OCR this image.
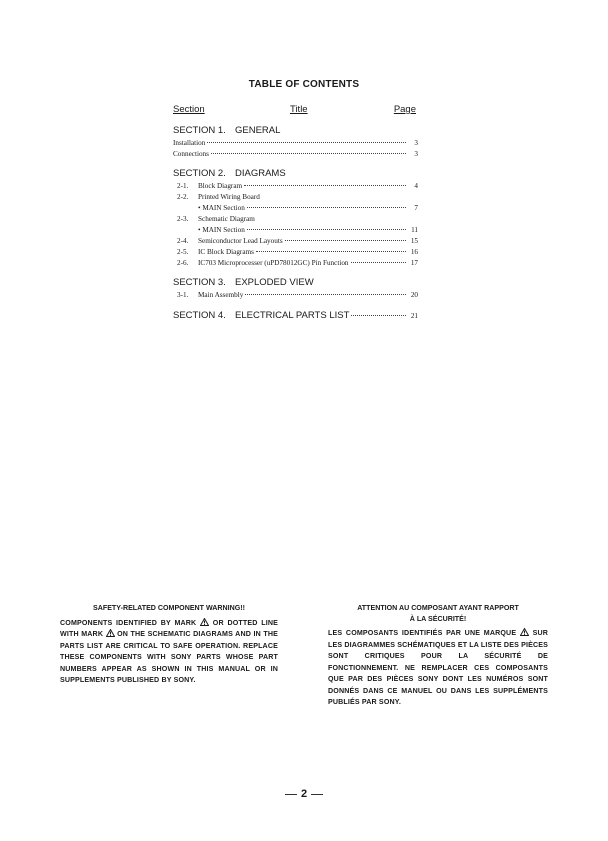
TABLE OF CONTENTS
Section	Title	Page
SECTION 1. GENERAL
Installation	3
Connections	3
SECTION 2. DIAGRAMS
2-1.	Block Diagram	4
2-2.	Printed Wiring Board
• MAIN Section	7
2-3.	Schematic Diagram
• MAIN Section	11
2-4.	Semiconductor Lead Layouts	15
2-5.	IC Block Diagrams	16
2-6.	IC703 Microprocesser (uPD78012GC) Pin Function	17
SECTION 3. EXPLODED VIEW
3-1.	Main Assembly	20
SECTION 4. ELECTRICAL PARTS LIST	21
SAFETY-RELATED COMPONENT WARNING!!
COMPONENTS IDENTIFIED BY MARK OR DOTTED LINE WITH MARK ON THE SCHEMATIC DIAGRAMS AND IN THE PARTS LIST ARE CRITICAL TO SAFE OPERATION. REPLACE THESE COMPONENTS WITH SONY PARTS WHOSE PART NUMBERS APPEAR AS SHOWN IN THIS MANUAL OR IN SUPPLEMENTS PUBLISHED BY SONY.
ATTENTION AU COMPOSANT AYANT RAPPORT
À LA SÉCURITÉ!
LES COMPOSANTS IDENTIFIÉS PAR UNE MARQUE SUR LES DIAGRAMMES SCHÉMATIQUES ET LA LISTE DES PIÈCES SONT CRITIQUES POUR LA SÉCURITÉ DE FONCTIONNEMENT. NE REMPLACER CES COMPOSANTS QUE PAR DES PIÈCES SONY DONT LES NUMÉROS SONT DONNÉS DANS CE MANUEL OU DANS LES SUPPLÉMENTS PUBLIÉS PAR SONY.
2
